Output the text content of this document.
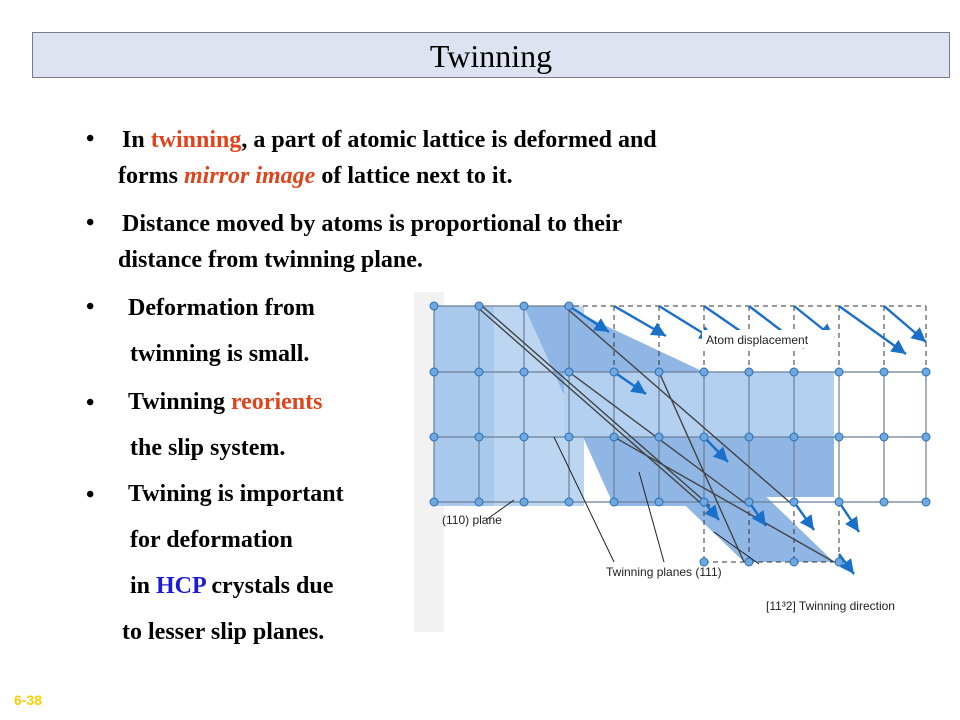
Twinning
• In twinning, a part of atomic lattice is deformed and
forms mirror image of lattice next to it.
• Distance moved by atoms is proportional to their
distance from twinning plane.
• Deformation from
twinning is small.
• Twinning reorients
the slip system.
• Twining is important
for deformation
in HCP crystals due
to lesser slip planes.
Atom displacement
(110) plane
Twinning planes (111)
[11³2] Twinning direction
6-38
